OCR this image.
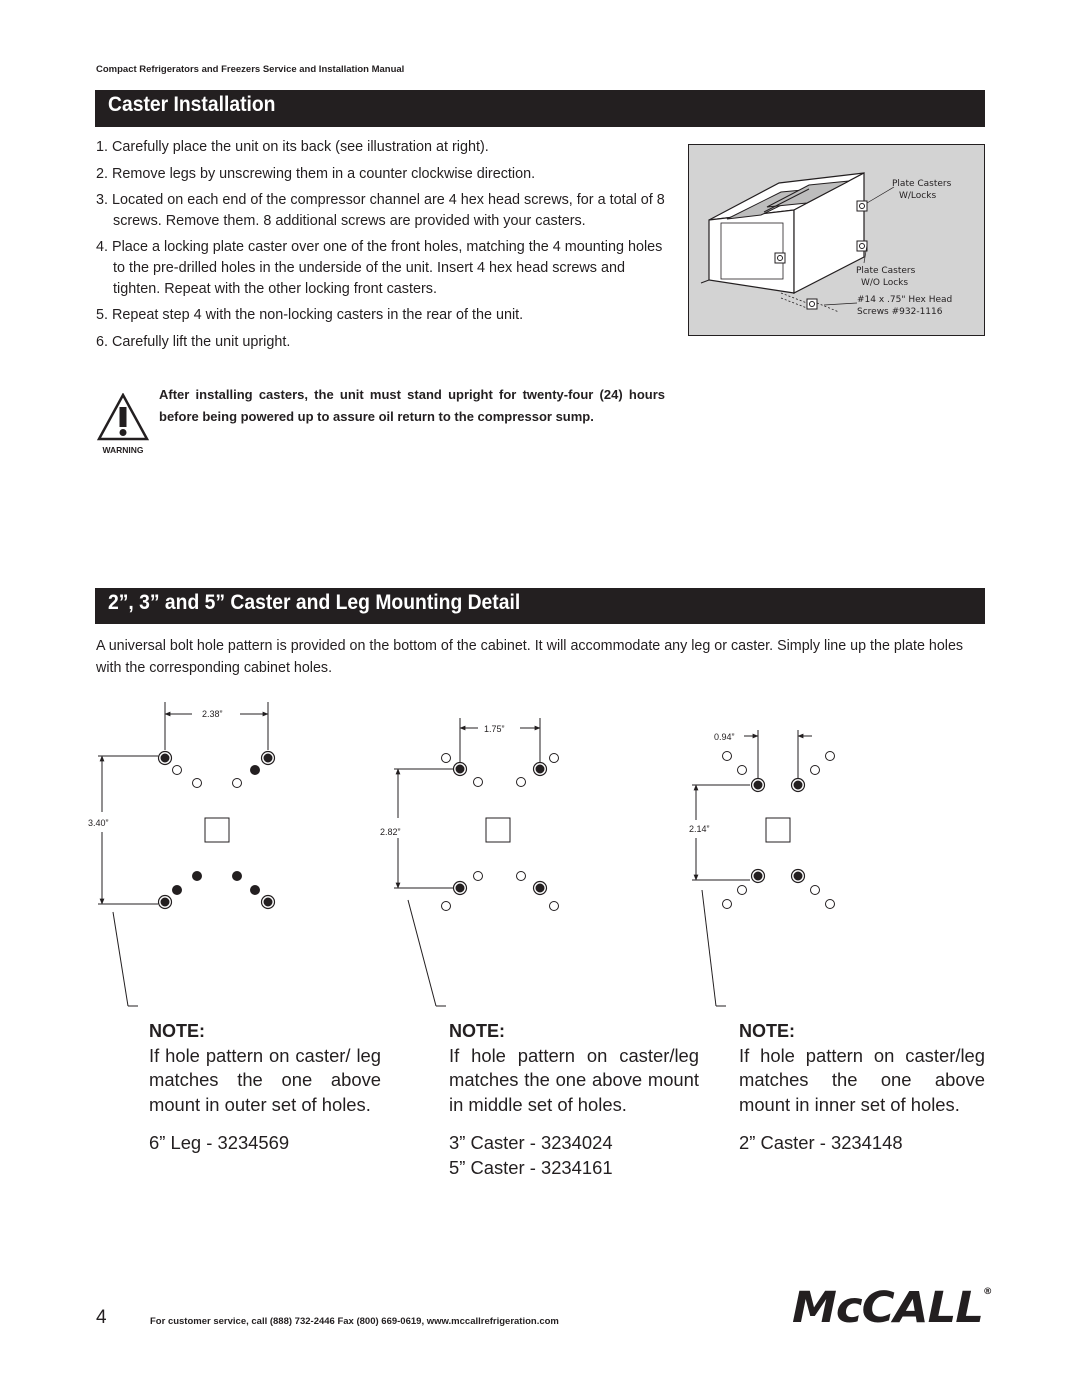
Compact Refrigerators and Freezers Service and Installation Manual
Caster Installation
1. Carefully place the unit on its back (see illustration at right).
2. Remove legs by unscrewing them in a counter clockwise direction.
3. Located on each end of the compressor channel are 4 hex head screws, for a total of 8 screws. Remove them. 8 additional screws are provided with your casters.
4. Place a locking plate caster over one of the front holes, matching the 4 mounting holes to the pre-drilled holes in the underside of the unit. Insert 4 hex head screws and tighten. Repeat with the other locking front casters.
5. Repeat step 4 with the non-locking casters in the rear of the unit.
6. Carefully lift the unit upright.
Plate Casters
W/Locks
Plate Casters
W/O Locks
#14 x .75" Hex Head
Screws #932-1116
WARNING
After installing casters, the unit must stand upright for twenty-four (24) hours before being powered up to assure oil return to the compressor sump.
2”, 3” and 5” Caster and Leg Mounting Detail
A universal bolt hole pattern is provided on the bottom of the cabinet. It will accommodate any leg or caster. Simply line up the plate holes with the corresponding cabinet holes.
2.38”
3.40”
1.75”
2.82”
0.94”
2.14”
NOTE:
If hole pattern on caster/ leg matches the one above mount in outer set of holes.
6” Leg - 3234569
NOTE:
If hole pattern on caster/leg matches the one above mount in middle set of holes.
3” Caster - 3234024
5” Caster - 3234161
NOTE:
If hole pattern on caster/leg matches the one above mount in inner set of holes.
2” Caster - 3234148
4	For customer service, call (888) 732-2446 Fax (800) 669-0619, www.mccallrefrigeration.com	McCALL®
